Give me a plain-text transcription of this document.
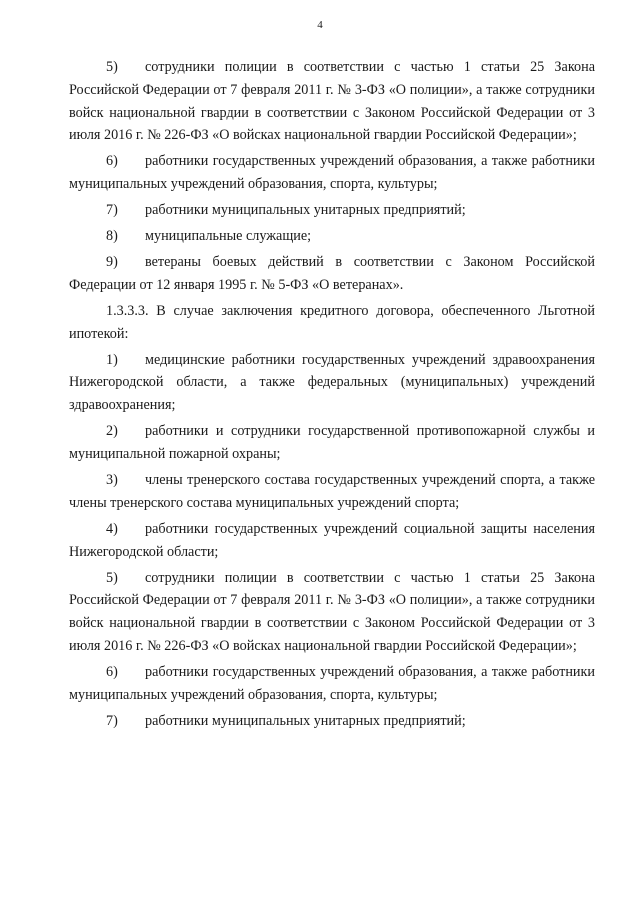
4

5) сотрудники полиции в соответствии с частью 1 статьи 25 Закона Российской Федерации от 7 февраля 2011 г. № 3-ФЗ «О полиции», а также сотрудники войск национальной гвардии в соответствии с Законом Российской Федерации от 3 июля 2016 г. № 226-ФЗ «О войсках национальной гвардии Российской Федерации»;

6) работники государственных учреждений образования, а также работники муниципальных учреждений образования, спорта, культуры;

7) работники муниципальных унитарных предприятий;

8) муниципальные служащие;

9) ветераны боевых действий в соответствии с Законом Российской Федерации от 12 января 1995 г. № 5-ФЗ «О ветеранах».

1.3.3.3. В случае заключения кредитного договора, обеспеченного Льготной ипотекой:

1) медицинские работники государственных учреждений здравоохранения Нижегородской области, а также федеральных (муниципальных) учреждений здравоохранения;

2) работники и сотрудники государственной противопожарной службы и муниципальной пожарной охраны;

3) члены тренерского состава государственных учреждений спорта, а также члены тренерского состава муниципальных учреждений спорта;

4) работники государственных учреждений социальной защиты населения Нижегородской области;

5) сотрудники полиции в соответствии с частью 1 статьи 25 Закона Российской Федерации от 7 февраля 2011 г. № 3-ФЗ «О полиции», а также сотрудники войск национальной гвардии в соответствии с Законом Российской Федерации от 3 июля 2016 г. № 226-ФЗ «О войсках национальной гвардии Российской Федерации»;

6) работники государственных учреждений образования, а также работники муниципальных учреждений образования, спорта, культуры;

7) работники муниципальных унитарных предприятий;
